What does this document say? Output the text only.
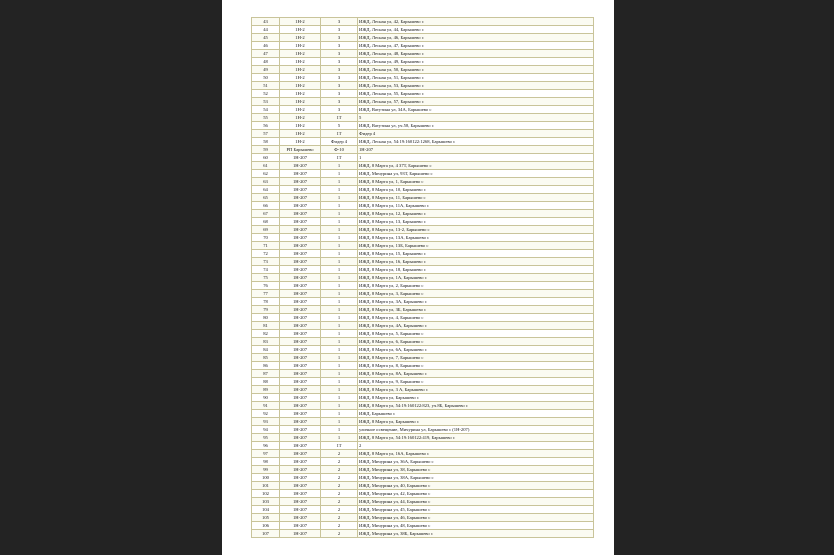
43	1Н-2	3	ИЖД, Лесная ул, 42, Барышево с
44	1Н-2	3	ИЖД, Лесная ул, 44, Барышево с
45	1Н-2	3	ИЖД, Лесная ул, 46, Барышево с
46	1Н-2	3	ИЖД, Лесная ул, 47, Барышево с
47	1Н-2	3	ИЖД, Лесная ул, 48, Барышево с
48	1Н-2	3	ИЖД, Лесная ул, 49, Барышево с
49	1Н-2	3	ИЖД, Лесная ул, 50, Барышево с
50	1Н-2	3	ИЖД, Лесная ул, 51, Барышево с
51	1Н-2	3	ИЖД, Лесная ул, 53, Барышево с
52	1Н-2	3	ИЖД, Лесная ул, 55, Барышево с
53	1Н-2	3	ИЖД, Лесная ул, 57, Барышево с
54	1Н-2	3	ИЖД, Ватутина ул, 34А, Барышево с
55	1Н-2	1Т	5
56	1Н-2	5	ИЖД, Ватутина ул, уч.58, Барышево с
57	1Н-2	1Т	Фидер 4
58	1Н-2	Фидер 4	ИЖД, Лесная ул, 54:19:160122:1268, Барышево с
59	РП Барышево	Ф-10	1Н-207
60	1Н-207	1Т	1
61	1Н-207	1	ИЖД, 8 Марта ул, 4 37Т, Барышево с
62	1Н-207	1	ИЖД, Мичурина ул, 93Т, Барышево с
63	1Н-207	1	ИЖД, 8 Марта ул, 1, Барышево с
64	1Н-207	1	ИЖД, 8 Марта ул, 10, Барышево с
65	1Н-207	1	ИЖД, 8 Марта ул, 11, Барышево с
66	1Н-207	1	ИЖД, 8 Марта ул, 11А, Барышево с
67	1Н-207	1	ИЖД, 8 Марта ул, 12, Барышево с
68	1Н-207	1	ИЖД, 8 Марта ул, 13, Барышево с
69	1Н-207	1	ИЖД, 8 Марта ул, 13-2, Барышево с
70	1Н-207	1	ИЖД, 8 Марта ул, 13А, Барышево с
71	1Н-207	1	ИЖД, 8 Марта ул, 13Б, Барышево с
72	1Н-207	1	ИЖД, 8 Марта ул, 15, Барышево с
73	1Н-207	1	ИЖД, 8 Марта ул, 16, Барышево с
74	1Н-207	1	ИЖД, 8 Марта ул, 18, Барышево с
75	1Н-207	1	ИЖД, 8 Марта ул, 1А, Барышево с
76	1Н-207	1	ИЖД, 8 Марта ул, 2, Барышево с
77	1Н-207	1	ИЖД, 8 Марта ул, 3, Барышево с
78	1Н-207	1	ИЖД, 8 Марта ул, 3А, Барышево с
79	1Н-207	1	ИЖД, 8 Марта ул, 3Б, Барышево с
80	1Н-207	1	ИЖД, 8 Марта ул, 4, Барышево с
81	1Н-207	1	ИЖД, 8 Марта ул, 4А, Барышево с
82	1Н-207	1	ИЖД, 8 Марта ул, 5, Барышево с
83	1Н-207	1	ИЖД, 8 Марта ул, 6, Барышево с
84	1Н-207	1	ИЖД, 8 Марта ул, 6А, Барышево с
85	1Н-207	1	ИЖД, 8 Марта ул, 7, Барышево с
86	1Н-207	1	ИЖД, 8 Марта ул, 8, Барышево с
87	1Н-207	1	ИЖД, 8 Марта ул, 8А, Барышево с
88	1Н-207	1	ИЖД, 8 Марта ул, 9, Барышево с
89	1Н-207	1	ИЖД, 8 Марта ул, 3 А, Барышево с
90	1Н-207	1	ИЖД, 8 Марта ул, Барышево с
91	1Н-207	1	ИЖД, 8 Марта ул, 54:19:160122:823, уч.8Б, Барышево с
92	1Н-207	1	ИЖД, Барышево с
93	1Н-207	1	ИЖД, 8 Марта ул, Барышево с
94	1Н-207	1	уличное освещение, Мичурина ул, Барышево с (1Н-207)
95	1Н-207	1	ИЖД, 8 Марта ул, 54:19:160122:419, Барышево с
96	1Н-207	1Т	2
97	1Н-207	2	ИЖД, 8 Марта ул, 16А, Барышево с
98	1Н-207	2	ИЖД, Мичурина ул, 36А, Барышево с
99	1Н-207	2	ИЖД, Мичурина ул, 38, Барышево с
100	1Н-207	2	ИЖД, Мичурина ул, 38А, Барышево с
101	1Н-207	2	ИЖД, Мичурина ул, 40, Барышево с
102	1Н-207	2	ИЖД, Мичурина ул, 42, Барышево с
103	1Н-207	2	ИЖД, Мичурина ул, 44, Барышево с
104	1Н-207	2	ИЖД, Мичурина ул, 45, Барышево с
105	1Н-207	2	ИЖД, Мичурина ул, 46, Барышево с
106	1Н-207	2	ИЖД, Мичурина ул, 48, Барышево с
107	1Н-207	2	ИЖД, Мичурина ул, 38Б, Барышево с
